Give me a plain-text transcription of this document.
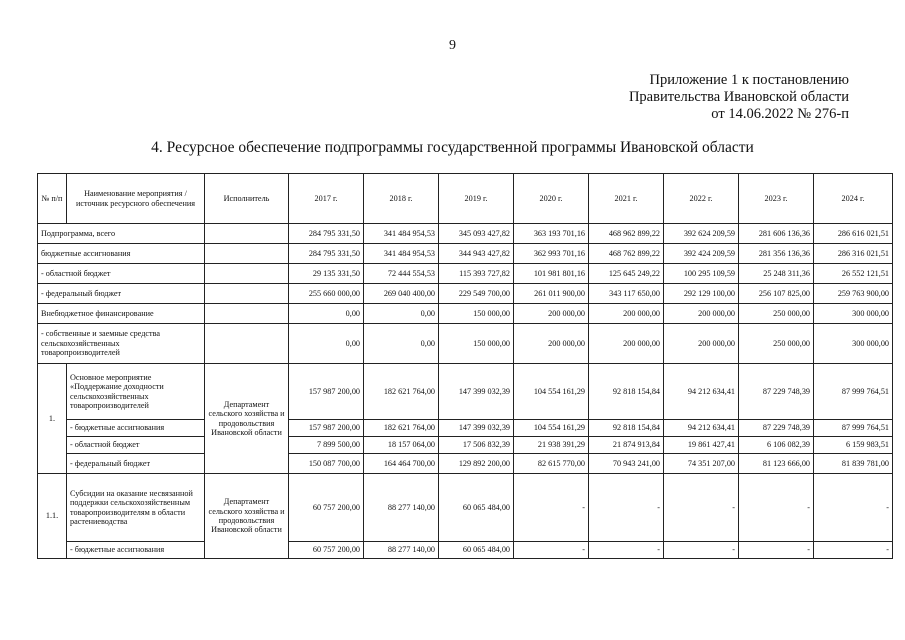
9
Приложение 1 к постановлению
Правительства Ивановской области
от 14.06.2022 № 276-п
4. Ресурсное обеспечение подпрограммы государственной программы Ивановской области
№ п/п	Наименование мероприятия / источник ресурсного обеспечения	Исполнитель	2017 г.	2018 г.	2019 г.	2020 г.	2021 г.	2022 г.	2023 г.	2024 г.
Подпрограмма, всего			284 795 331,50	341 484 954,53	345 093 427,82	363 193 701,16	468 962 899,22	392 624 209,59	281 606 136,36	286 616 021,51
бюджетные ассигнования			284 795 331,50	341 484 954,53	344 943 427,82	362 993 701,16	468 762 899,22	392 424 209,59	281 356 136,36	286 316 021,51
- областной бюджет			29 135 331,50	72 444 554,53	115 393 727,82	101 981 801,16	125 645 249,22	100 295 109,59	25 248 311,36	26 552 121,51
- федеральный бюджет			255 660 000,00	269 040 400,00	229 549 700,00	261 011 900,00	343 117 650,00	292 129 100,00	256 107 825,00	259 763 900,00
Внебюджетное финансирование			0,00	0,00	150 000,00	200 000,00	200 000,00	200 000,00	250 000,00	300 000,00
- собственные и заемные средства сельскохозяйственных товаропроизводителей			0,00	0,00	150 000,00	200 000,00	200 000,00	200 000,00	250 000,00	300 000,00
1.	Основное мероприятие «Поддержание доходности сельскохозяйственных товаропроизводителей	Департамент сельского хозяйства и продовольствия Ивановской области	157 987 200,00	182 621 764,00	147 399 032,39	104 554 161,29	92 818 154,84	94 212 634,41	87 229 748,39	87 999 764,51
	- бюджетные ассигнования		157 987 200,00	182 621 764,00	147 399 032,39	104 554 161,29	92 818 154,84	94 212 634,41	87 229 748,39	87 999 764,51
	- областной бюджет		7 899 500,00	18 157 064,00	17 506 832,39	21 938 391,29	21 874 913,84	19 861 427,41	6 106 082,39	6 159 983,51
	- федеральный бюджет		150 087 700,00	164 464 700,00	129 892 200,00	82 615 770,00	70 943 241,00	74 351 207,00	81 123 666,00	81 839 781,00
1.1.	Субсидии на оказание несвязанной поддержки сельскохозяйственным товаропроизводителям в области растениеводства	Департамент сельского хозяйства и продовольствия Ивановской области	60 757 200,00	88 277 140,00	60 065 484,00	-	-	-	-	-
	- бюджетные ассигнования		60 757 200,00	88 277 140,00	60 065 484,00	-	-	-	-	-
